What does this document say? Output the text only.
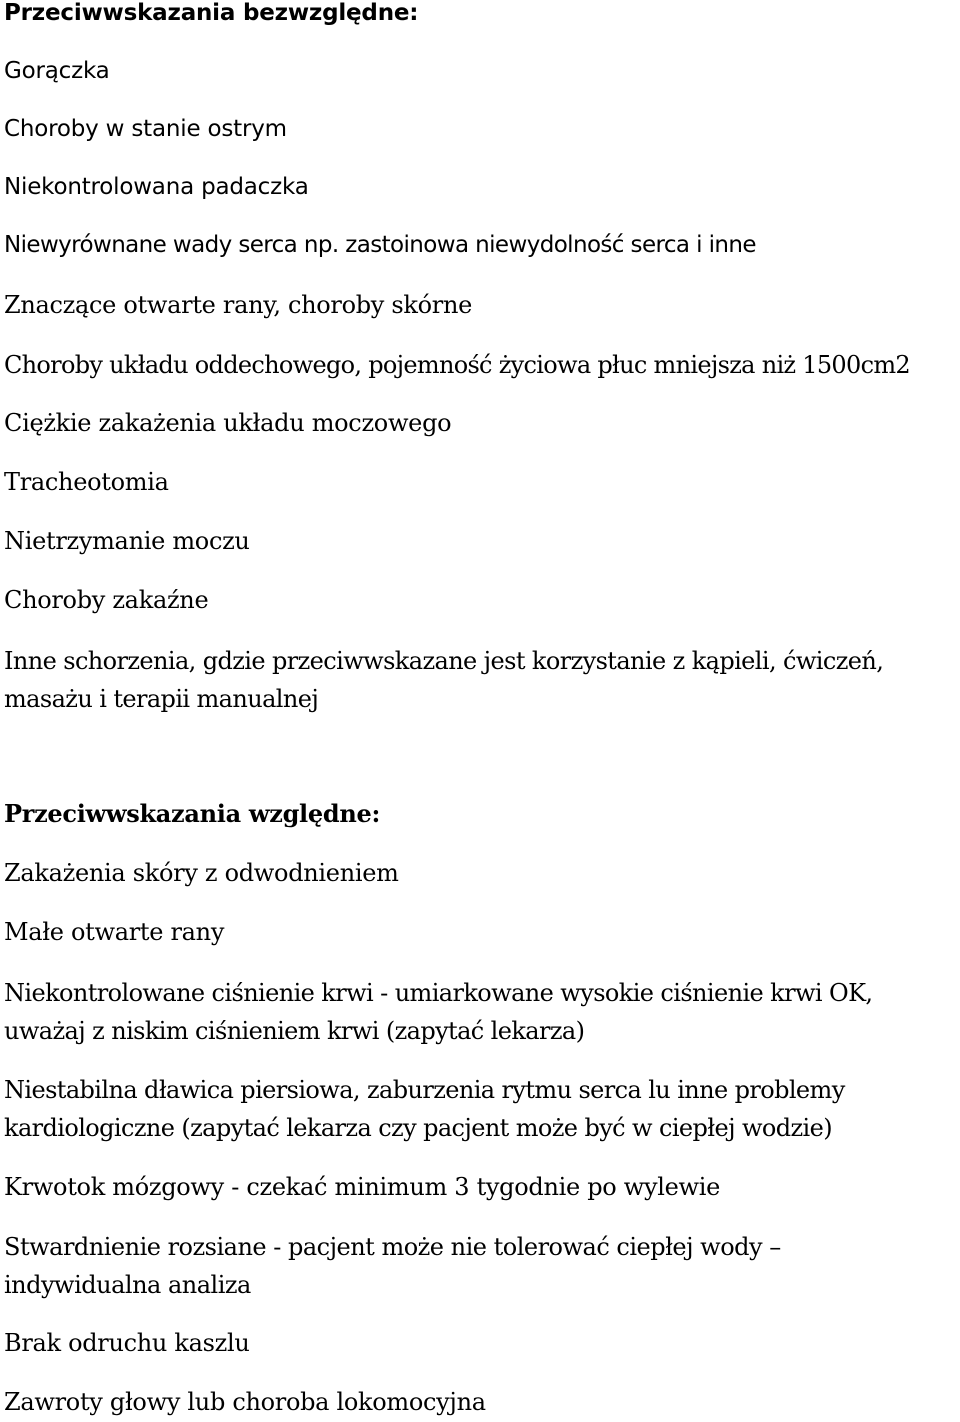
Przeciwwskazania bezwzględne:
Gorączka
Choroby w stanie ostrym
Niekontrolowana padaczka
Niewyrównane wady serca np. zastoinowa niewydolność serca i inne
Znaczące otwarte rany, choroby skórne
Choroby układu oddechowego, pojemność życiowa płuc mniejsza niż 1500cm2
Ciężkie zakażenia układu moczowego
Tracheotomia
Nietrzymanie moczu
Choroby zakaźne
Inne schorzenia, gdzie przeciwwskazane jest korzystanie z kąpieli, ćwiczeń, masażu i terapii manualnej
Przeciwwskazania względne:
Zakażenia skóry z odwodnieniem
Małe otwarte rany
Niekontrolowane ciśnienie krwi - umiarkowane wysokie ciśnienie krwi OK, uważaj z niskim ciśnieniem krwi (zapytać lekarza)
Niestabilna dławica piersiowa, zaburzenia rytmu serca lu inne problemy kardiologiczne (zapytać lekarza czy pacjent może być w ciepłej wodzie)
Krwotok mózgowy - czekać minimum 3 tygodnie po wylewie
Stwardnienie rozsiane - pacjent może nie tolerować ciepłej wody – indywidualna analiza
Brak odruchu kaszlu
Zawroty głowy lub choroba lokomocyjna
